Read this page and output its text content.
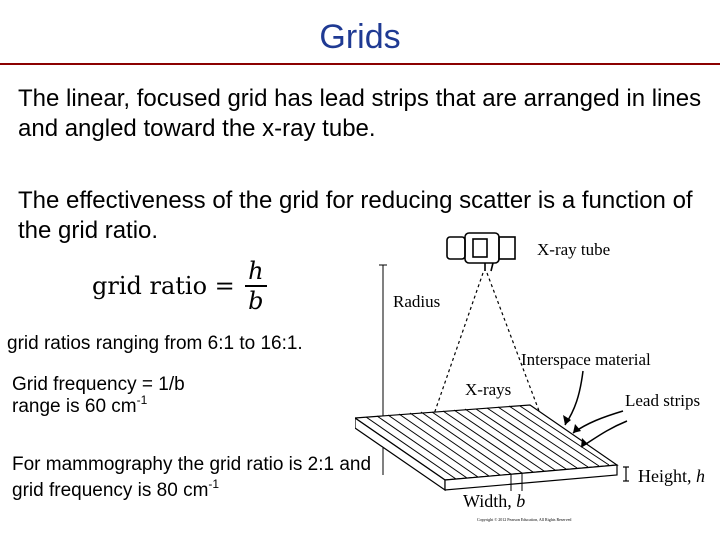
Grids
The linear, focused grid has lead strips that are arranged in lines and angled toward the x-ray tube.
The effectiveness of the grid for reducing scatter is a function of the grid ratio.
grid ratio = $\frac{h}{b}$
grid ratios ranging from 6:1 to 16:1.
Grid frequency = 1/b
range is 60 $cm^{-1}$
For mammography the grid ratio is 2:1 and grid frequency is 80 $cm^{-1}$
X-ray tube
Radius
X-rays
Interspace material
Lead strips
Height, h
Width, b
Copyright © 2012 Pearson Education, All Rights Reserved
